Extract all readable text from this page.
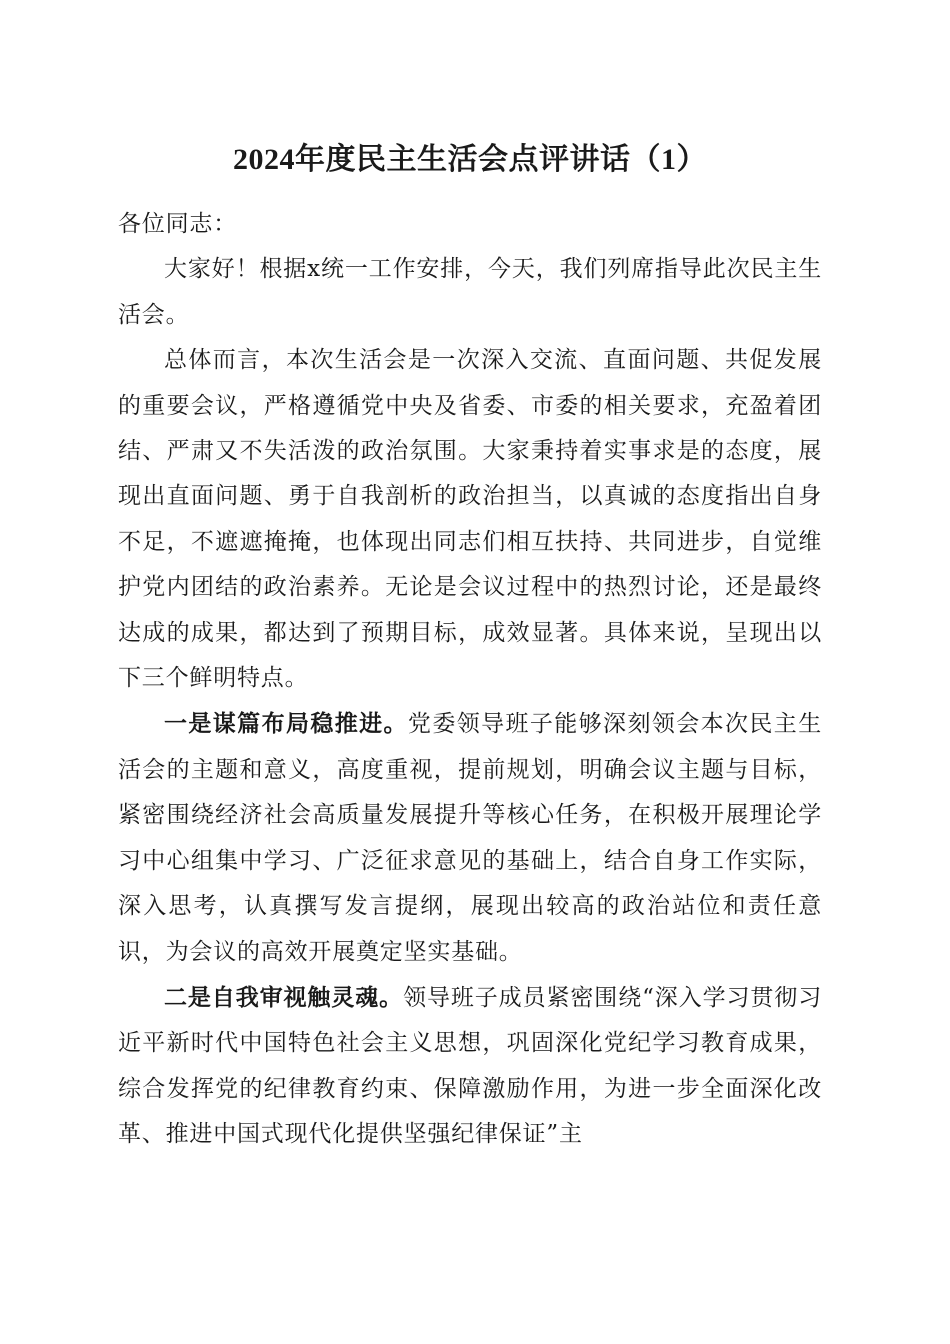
2024年度民主生活会点评讲话（1）

各位同志：

大家好！根据x统一工作安排，今天，我们列席指导此次民主生活会。

总体而言，本次生活会是一次深入交流、直面问题、共促发展的重要会议，严格遵循党中央及省委、市委的相关要求，充盈着团结、严肃又不失活泼的政治氛围。大家秉持着实事求是的态度，展现出直面问题、勇于自我剖析的政治担当，以真诚的态度指出自身不足，不遮遮掩掩，也体现出同志们相互扶持、共同进步，自觉维护党内团结的政治素养。无论是会议过程中的热烈讨论，还是最终达成的成果，都达到了预期目标，成效显著。具体来说，呈现出以下三个鲜明特点。

一是谋篇布局稳推进。党委领导班子能够深刻领会本次民主生活会的主题和意义，高度重视，提前规划，明确会议主题与目标，紧密围绕经济社会高质量发展提升等核心任务，在积极开展理论学习中心组集中学习、广泛征求意见的基础上，结合自身工作实际，深入思考，认真撰写发言提纲，展现出较高的政治站位和责任意识，为会议的高效开展奠定坚实基础。

二是自我审视触灵魂。领导班子成员紧密围绕“深入学习贯彻习近平新时代中国特色社会主义思想，巩固深化党纪学习教育成果，综合发挥党的纪律教育约束、保障激励作用，为进一步全面深化改革、推进中国式现代化提供坚强纪律保证”主
